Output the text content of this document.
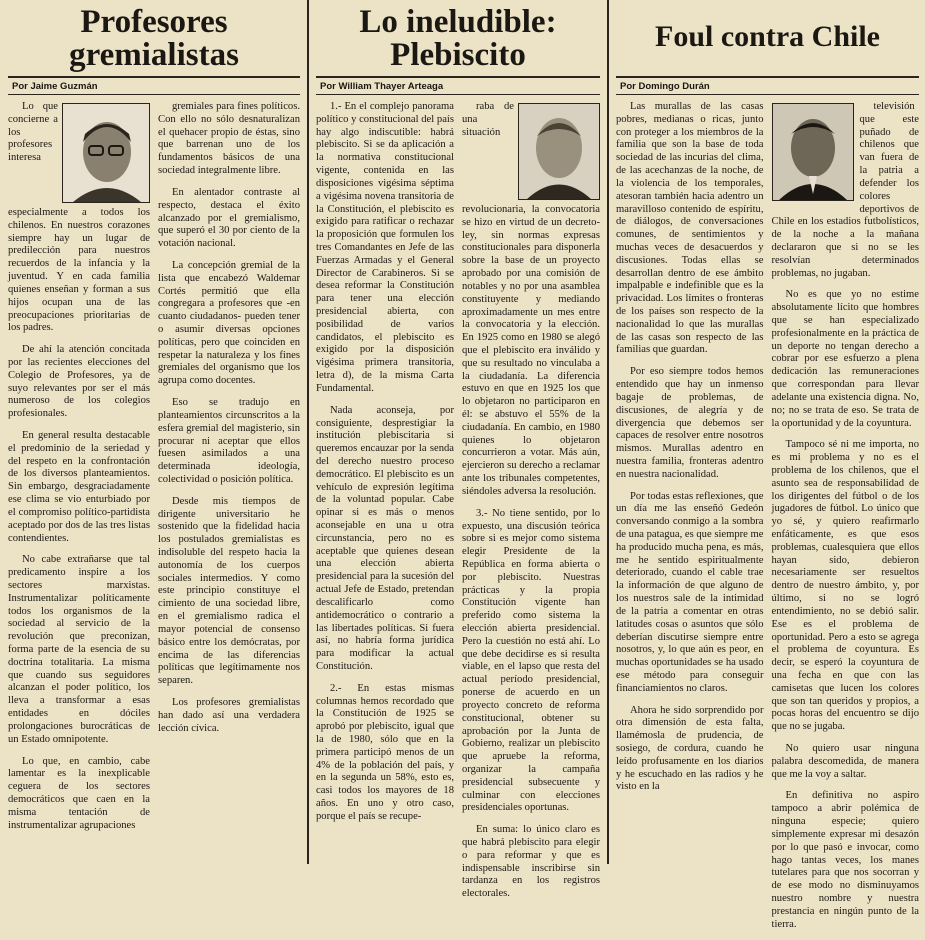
Profesores gremialistas
Por Jaime Guzmán

Lo que concierne a los profesores interesa especialmente a todos los chilenos. En nuestros corazones siempre hay un lugar de predilección para nuestros recuerdos de la infancia y la juventud. Y en cada familia quienes enseñan y forman a sus hijos ocupan una de las preocupaciones prioritarias de los padres.

De ahí la atención concitada por las recientes elecciones del Colegio de Profesores, ya de suyo relevantes por ser el más numeroso de los colegios profesionales.

En general resulta destacable el predominio de la seriedad y del respeto en la confrontación de los diversos planteamientos. Sin embargo, desgraciadamente ese clima se vio enturbiado por el compromiso político-partidista aceptado por dos de las tres listas contendientes.

No cabe extrañarse que tal predicamento inspire a los sectores marxistas. Instrumentalizar políticamente todos los organismos de la sociedad al servicio de la revolución que preconizan, forma parte de la esencia de su doctrina totalitaria. La misma que cuando sus seguidores alcanzan el poder político, los lleva a transformar a esas entidades en dóciles prolongaciones burocráticas de un Estado omnipotente.

Lo que, en cambio, cabe lamentar es la inexplicable ceguera de los sectores democráticos que caen en la misma tentación de instrumentalizar agrupaciones

gremiales para fines políticos. Con ello no sólo desnaturalizan el quehacer propio de éstas, sino que barrenan uno de los fundamentos básicos de una sociedad integralmente libre.

En alentador contraste al respecto, destaca el éxito alcanzado por el gremialismo, que superó el 30 por ciento de la votación nacional.

La concepción gremial de la lista que encabezó Waldemar Cortés permitió que ella congregara a profesores que -en cuanto ciudadanos- pueden tener o asumir diversas opciones políticas, pero que coinciden en respetar la naturaleza y los fines gremiales del organismo que los agrupa como docentes.

Eso se tradujo en planteamientos circunscritos a la esfera gremial del magisterio, sin procurar ni aceptar que ellos fuesen asimilados a una determinada ideología, colectividad o posición política.

Desde mis tiempos de dirigente universitario he sostenido que la fidelidad hacia los postulados gremialistas es indisoluble del respeto hacia la autonomía de los cuerpos sociales intermedios. Y como este principio constituye el cimiento de una sociedad libre, en el gremialismo radica el mayor potencial de consenso básico entre los demócratas, por encima de las diferencias políticas que legítimamente nos separen.

Los profesores gremialistas han dado así una verdadera lección cívica.

Lo ineludible: Plebiscito
Por William Thayer Arteaga

1.- En el complejo panorama político y constitucional del país hay algo indiscutible: habrá plebiscito. Si se da aplicación a la normativa constitucional vigente, contenida en las disposiciones vigésima séptima a vigésima novena transitoria de la Constitución, el plebiscito es exigido para ratificar o rechazar la proposición que formulen los tres Comandantes en Jefe de las Fuerzas Armadas y el General Director de Carabineros. Si se desea reformar la Constitución para tener una elección presidencial abierta, con posibilidad de varios candidatos, el plebiscito es exigido por la disposición vigésima primera transitoria, letra d), de la misma Carta Fundamental.

Nada aconseja, por consiguiente, desprestigiar la institución plebiscitaria si queremos encauzar por la senda del derecho nuestro proceso democrático. El plebiscito es un vehículo de expresión legítima de la voluntad popular. Cabe opinar si es más o menos aconsejable en una u otra circunstancia, pero no es aceptable que quienes desean una elección abierta presidencial para la sucesión del actual Jefe de Estado, pretendan descalificarlo como antidemocrático o contrario a las libertades políticas. Si fuera así, no habría forma jurídica para modificar la actual Constitución.

2.- En estas mismas columnas hemos recordado que la Constitución de 1925 se aprobó por plebiscito, igual que la de 1980, sólo que en la primera participó menos de un 4% de la población del país, y en la segunda un 58%, esto es, casi todos los mayores de 18 años. En uno y otro caso, porque el país se recupe-

raba de una situación revolucionaria, la convocatoria se hizo en virtud de un decreto-ley, sin normas expresas constitucionales para disponerla sobre la base de un proyecto aprobado por una comisión de notables y no por una asamblea constituyente y mediando aproximadamente un mes entre la convocatoria y la elección. En 1925 como en 1980 se alegó que el plebiscito era inválido y que su resultado no vinculaba a la ciudadanía. La diferencia estuvo en que en 1925 los que lo objetaron no participaron en él: se abstuvo el 55% de la ciudadanía. En cambio, en 1980 quienes lo objetaron concurrieron a votar. Más aún, ejercieron su derecho a reclamar ante los tribunales competentes, siéndoles adversa la resolución.

3.- No tiene sentido, por lo expuesto, una discusión teórica sobre si es mejor como sistema elegir Presidente de la República en forma abierta o por plebiscito. Nuestras prácticas y la propia Constitución vigente han preferido como sistema la elección abierta presidencial. Pero la cuestión no está ahí. Lo que debe decidirse es si resulta viable, en el lapso que resta del actual período presidencial, ponerse de acuerdo en un proyecto concreto de reforma constitucional, obtener su aprobación por la Junta de Gobierno, realizar un plebiscito que apruebe la reforma, organizar la campaña presidencial subsecuente y culminar con elecciones presidenciales oportunas.

En suma: lo único claro es que habrá plebiscito para elegir o para reformar y que es indispensable inscribirse sin tardanza en los registros electorales.

Foul contra Chile
Por Domingo Durán

Las murallas de las casas pobres, medianas o ricas, junto con proteger a los miembros de la familia que son la base de toda sociedad de las incurias del clima, de las acechanzas de la noche, de la violencia de los temporales, atesoran también hacia adentro un maravilloso contenido de espíritu, de diálogos, de conversaciones comunes, de sentimientos y muchas veces de desacuerdos y discusiones. Todas ellas se desarrollan dentro de ese ámbito impalpable e indefinible que es la privacidad. Los límites o fronteras de los países son respecto de la nacionalidad lo que las murallas de las casas son respecto de las familias que guardan.

Por eso siempre todos hemos entendido que hay un inmenso bagaje de problemas, de discusiones, de alegría y de divergencia que debemos ser capaces de resolver entre nosotros mismos. Murallas adentro en nuestra familia, fronteras adentro en nuestra nacionalidad.

Por todas estas reflexiones, que un día me las enseñó Gedeón conversando conmigo a la sombra de una patagua, es que siempre me ha producido mucha pena, es más, me he sentido espiritualmente deteriorado, cuando el cable trae la información de que alguno de los nuestros sale de la intimidad de la patria a comentar en otras latitudes cosas o asuntos que sólo deberían discutirse siempre entre nosotros, y, lo que aún es peor, en muchas oportunidades se ha usado ese método para conseguir financiamientos no claros.

Ahora he sido sorprendido por otra dimensión de esta falta, llamémosla de prudencia, de sosiego, de cordura, cuando he leído profusamente en los diarios y he escuchado en las radios y he visto en la

televisión que este puñado de chilenos que van fuera de la patria a defender los colores deportivos de Chile en los estadios futbolísticos, de la noche a la mañana declararon que si no se les resolvían determinados problemas, no jugaban.

No es que yo no estime absolutamente lícito que hombres que se han especializado profesionalmente en la práctica de un deporte no tengan derecho a cobrar por ese esfuerzo a plena dedicación las remuneraciones que correspondan para llevar adelante una existencia digna. No, no; no se trata de eso. Se trata de la oportunidad y de la coyuntura.

Tampoco sé ni me importa, no es mi problema y no es el problema de los chilenos, que el asunto sea de responsabilidad de los dirigentes del fútbol o de los jugadores de fútbol. Lo único que yo sé, y quiero reafirmarlo enfáticamente, es que esos problemas, cualesquiera que ellos hayan sido, debieron necesariamente ser resueltos dentro de nuestro ámbito, y, por último, si no se logró entendimiento, no se debió salir. Ese es el problema de oportunidad. Pero a esto se agrega el problema de coyuntura. Es decir, se esperó la coyuntura de una fecha en que con las camisetas que lucen los colores que son tan queridos y propios, a pocas horas del encuentro se dijo que no se jugaba.

No quiero usar ninguna palabra descomedida, de manera que me la voy a saltar.

En definitiva no aspiro tampoco a abrir polémica de ninguna especie; quiero simplemente expresar mi desazón por lo que pasó e invocar, como hago tantas veces, los manes tutelares para que nos socorran y de ese modo no disminuyamos nuestro nombre y nuestra prestancia en ningún punto de la tierra.
